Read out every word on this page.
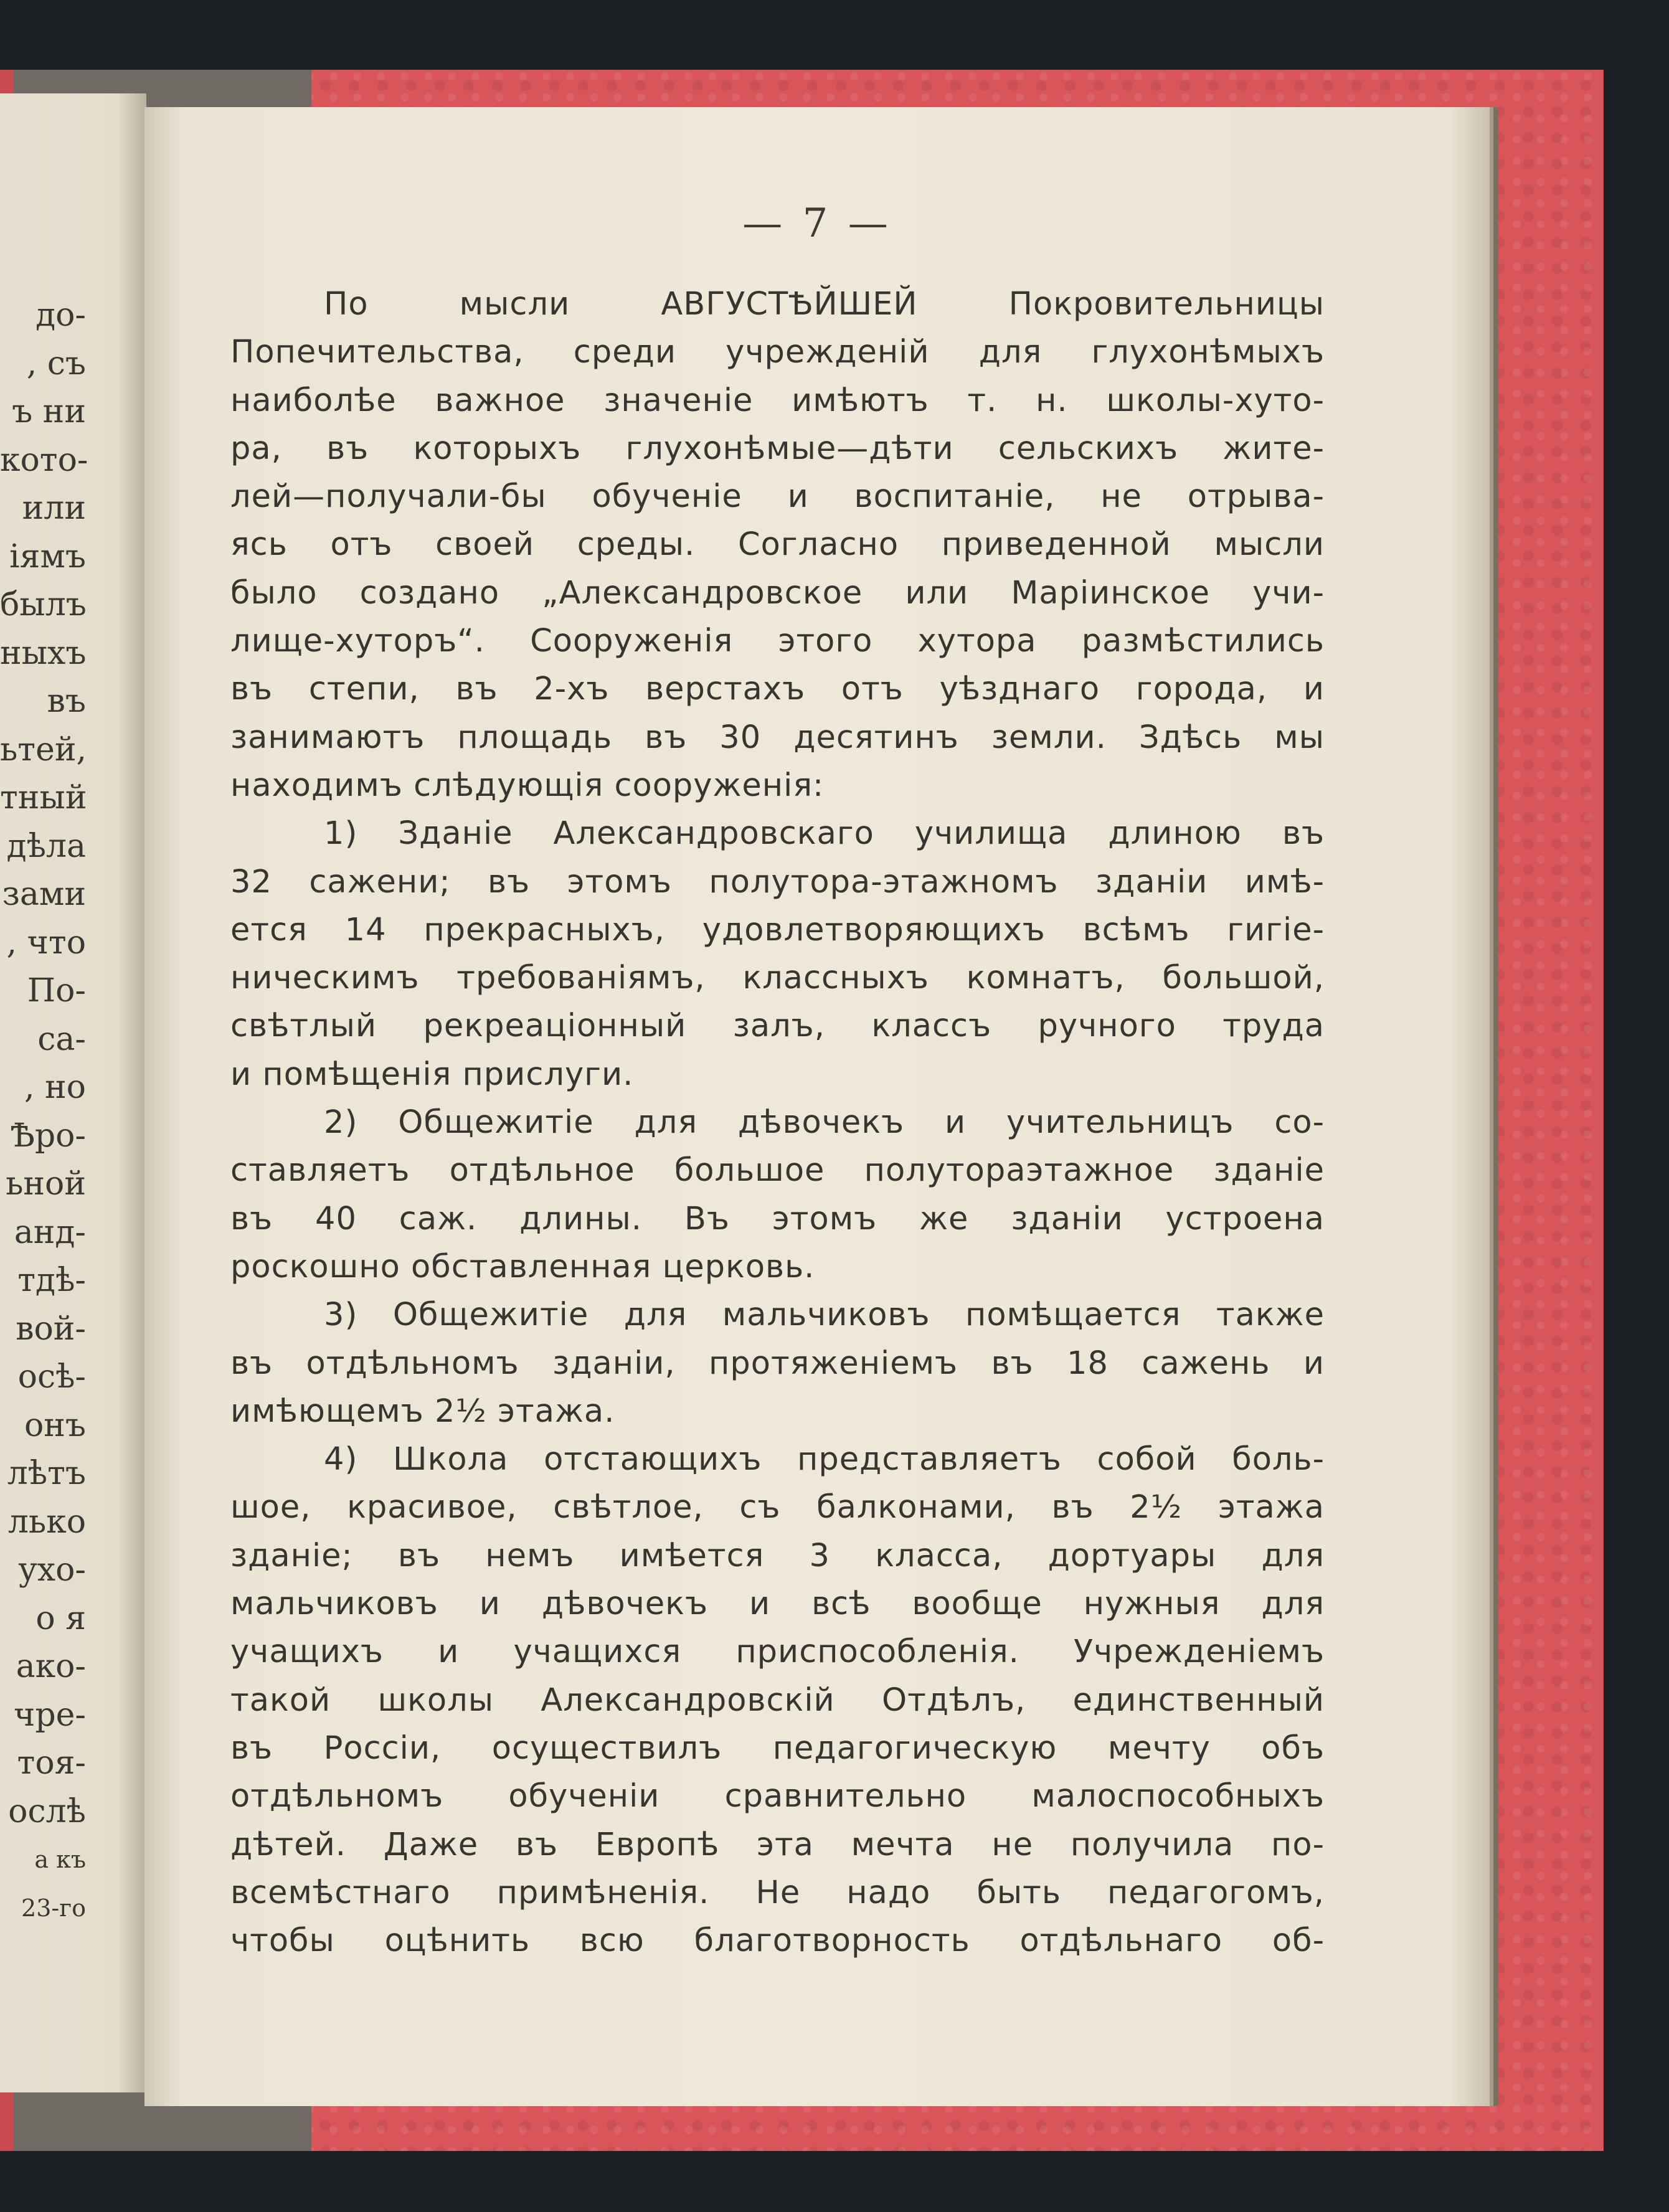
до-
, съ
ъ ни
кото-
или
іямъ
былъ
ныхъ
въ
ьтей,
тный
дѣла
зами
, что
По-
са-
, но
Ѣро-
ьной
анд-
тдѣ-
вой-
осѣ-
онъ
лѣтъ
лько
ухо-
о я
ако-
чре-
тоя-
ослѣ
а къ
23-го
— 7 —
По мысли АВГУСТѢЙШЕЙ Покровительницы
Попечительства, среди учрежденій для глухонѣмыхъ
наиболѣе важное значеніе имѣютъ т. н. школы-хуто-
ра, въ которыхъ глухонѣмые—дѣти сельскихъ жите-
лей—получали-бы обученіе и воспитаніе, не отрыва-
ясь отъ своей среды. Согласно приведенной мысли
было создано „Александровское или Маріинское учи-
лище-хуторъ“. Сооруженія этого хутора размѣстились
въ степи, въ 2-хъ верстахъ отъ уѣзднаго города, и
занимаютъ площадь въ 30 десятинъ земли. Здѣсь мы
находимъ слѣдующія сооруженія:
1) Зданіе Александровскаго училища длиною въ
32 сажени; въ этомъ полутора-этажномъ зданіи имѣ-
ется 14 прекрасныхъ, удовлетворяющихъ всѣмъ гигіе-
ническимъ требованіямъ, классныхъ комнатъ, большой,
свѣтлый рекреаціонный залъ, классъ ручного труда
и помѣщенія прислуги.
2) Общежитіе для дѣвочекъ и учительницъ со-
ставляетъ отдѣльное большое полутораэтажное зданіе
въ 40 саж. длины. Въ этомъ же зданіи устроена
роскошно обставленная церковь.
3) Общежитіе для мальчиковъ помѣщается также
въ отдѣльномъ зданіи, протяженіемъ въ 18 сажень и
имѣющемъ 2½ этажа.
4) Школа отстающихъ представляетъ собой боль-
шое, красивое, свѣтлое, съ балконами, въ 2½ этажа
зданіе; въ немъ имѣется 3 класса, дортуары для
мальчиковъ и дѣвочекъ и всѣ вообще нужныя для
учащихъ и учащихся приспособленія. Учрежденіемъ
такой школы Александровскій Отдѣлъ, единственный
въ Россіи, осуществилъ педагогическую мечту объ
отдѣльномъ обученіи сравнительно малоспособныхъ
дѣтей. Даже въ Европѣ эта мечта не получила по-
всемѣстнаго примѣненія. Не надо быть педагогомъ,
чтобы оцѣнить всю благотворность отдѣльнаго об-
